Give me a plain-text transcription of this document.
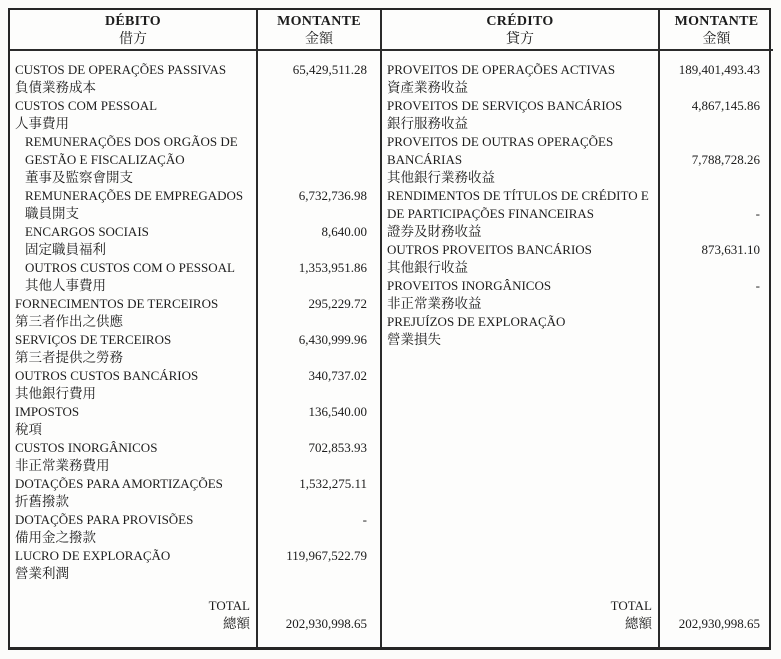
DÉBITO
借方
MONTANTE
金額
CRÉDITO
貸方
MONTANTE
金額
CUSTOS DE OPERAÇÕES PASSIVAS
負債業務成本
CUSTOS COM PESSOAL
人事費用
REMUNERAÇÕES DOS ORGÃOS DE
GESTÃO E FISCALIZAÇÃO
董事及監察會開支
REMUNERAÇÕES DE EMPREGADOS
職員開支
ENCARGOS SOCIAIS
固定職員福利
OUTROS CUSTOS COM O PESSOAL
其他人事費用
FORNECIMENTOS DE TERCEIROS
第三者作出之供應
SERVIÇOS DE TERCEIROS
第三者提供之勞務
OUTROS CUSTOS BANCÁRIOS
其他銀行費用
IMPOSTOS
稅項
CUSTOS INORGÂNICOS
非正常業務費用
DOTAÇÕES PARA AMORTIZAÇÕES
折舊撥款
DOTAÇÕES PARA PROVISÕES
備用金之撥款
LUCRO DE EXPLORAÇÃO
營業利潤
TOTAL
總額
65,429,511.28
6,732,736.98
8,640.00
1,353,951.86
295,229.72
6,430,999.96
340,737.02
136,540.00
702,853.93
1,532,275.11
-
119,967,522.79
202,930,998.65
PROVEITOS DE OPERAÇÕES ACTIVAS
資產業務收益
PROVEITOS DE SERVIÇOS BANCÁRIOS
銀行服務收益
PROVEITOS DE OUTRAS OPERAÇÕES
BANCÁRIAS
其他銀行業務收益
RENDIMENTOS DE TÍTULOS DE CRÉDITO E
DE PARTICIPAÇÕES FINANCEIRAS
證券及財務收益
OUTROS PROVEITOS BANCÁRIOS
其他銀行收益
PROVEITOS INORGÂNICOS
非正常業務收益
PREJUÍZOS DE EXPLORAÇÃO
營業損失
TOTAL
總額
189,401,493.43
4,867,145.86
7,788,728.26
-
873,631.10
-
202,930,998.65
